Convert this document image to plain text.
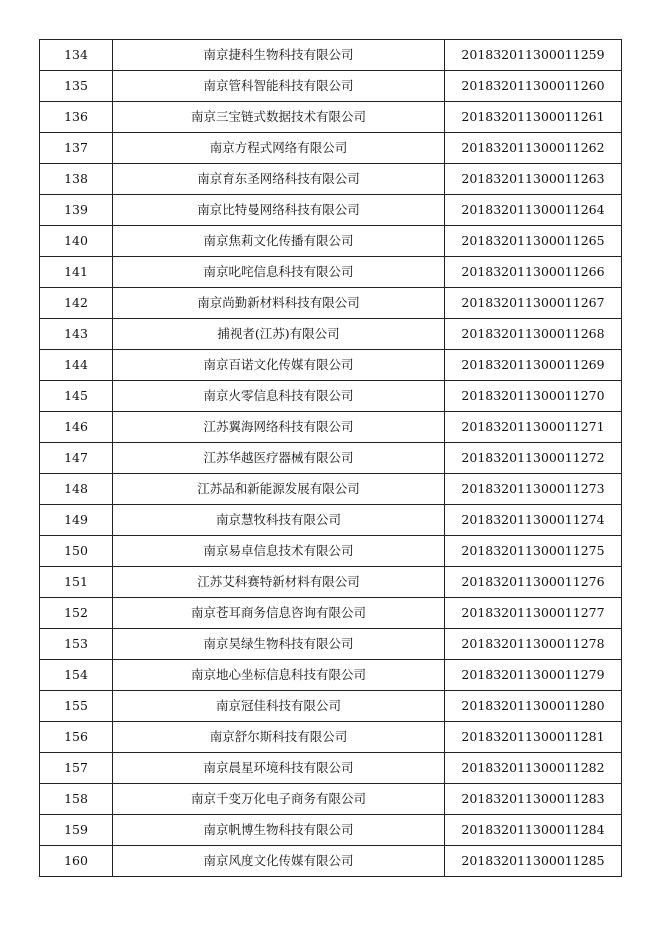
134	南京捷科生物科技有限公司	201832011300011259
135	南京管科智能科技有限公司	201832011300011260
136	南京三宝链式数据技术有限公司	201832011300011261
137	南京方程式网络有限公司	201832011300011262
138	南京育东圣网络科技有限公司	201832011300011263
139	南京比特曼网络科技有限公司	201832011300011264
140	南京焦莉文化传播有限公司	201832011300011265
141	南京叱咤信息科技有限公司	201832011300011266
142	南京尚勤新材料科技有限公司	201832011300011267
143	捕视者(江苏)有限公司	201832011300011268
144	南京百诺文化传媒有限公司	201832011300011269
145	南京火零信息科技有限公司	201832011300011270
146	江苏翼海网络科技有限公司	201832011300011271
147	江苏华越医疗器械有限公司	201832011300011272
148	江苏品和新能源发展有限公司	201832011300011273
149	南京慧牧科技有限公司	201832011300011274
150	南京易卓信息技术有限公司	201832011300011275
151	江苏艾科赛特新材料有限公司	201832011300011276
152	南京苍耳商务信息咨询有限公司	201832011300011277
153	南京昊绿生物科技有限公司	201832011300011278
154	南京地心坐标信息科技有限公司	201832011300011279
155	南京冠佳科技有限公司	201832011300011280
156	南京舒尔斯科技有限公司	201832011300011281
157	南京晨星环境科技有限公司	201832011300011282
158	南京千变万化电子商务有限公司	201832011300011283
159	南京帆博生物科技有限公司	201832011300011284
160	南京风度文化传媒有限公司	201832011300011285
